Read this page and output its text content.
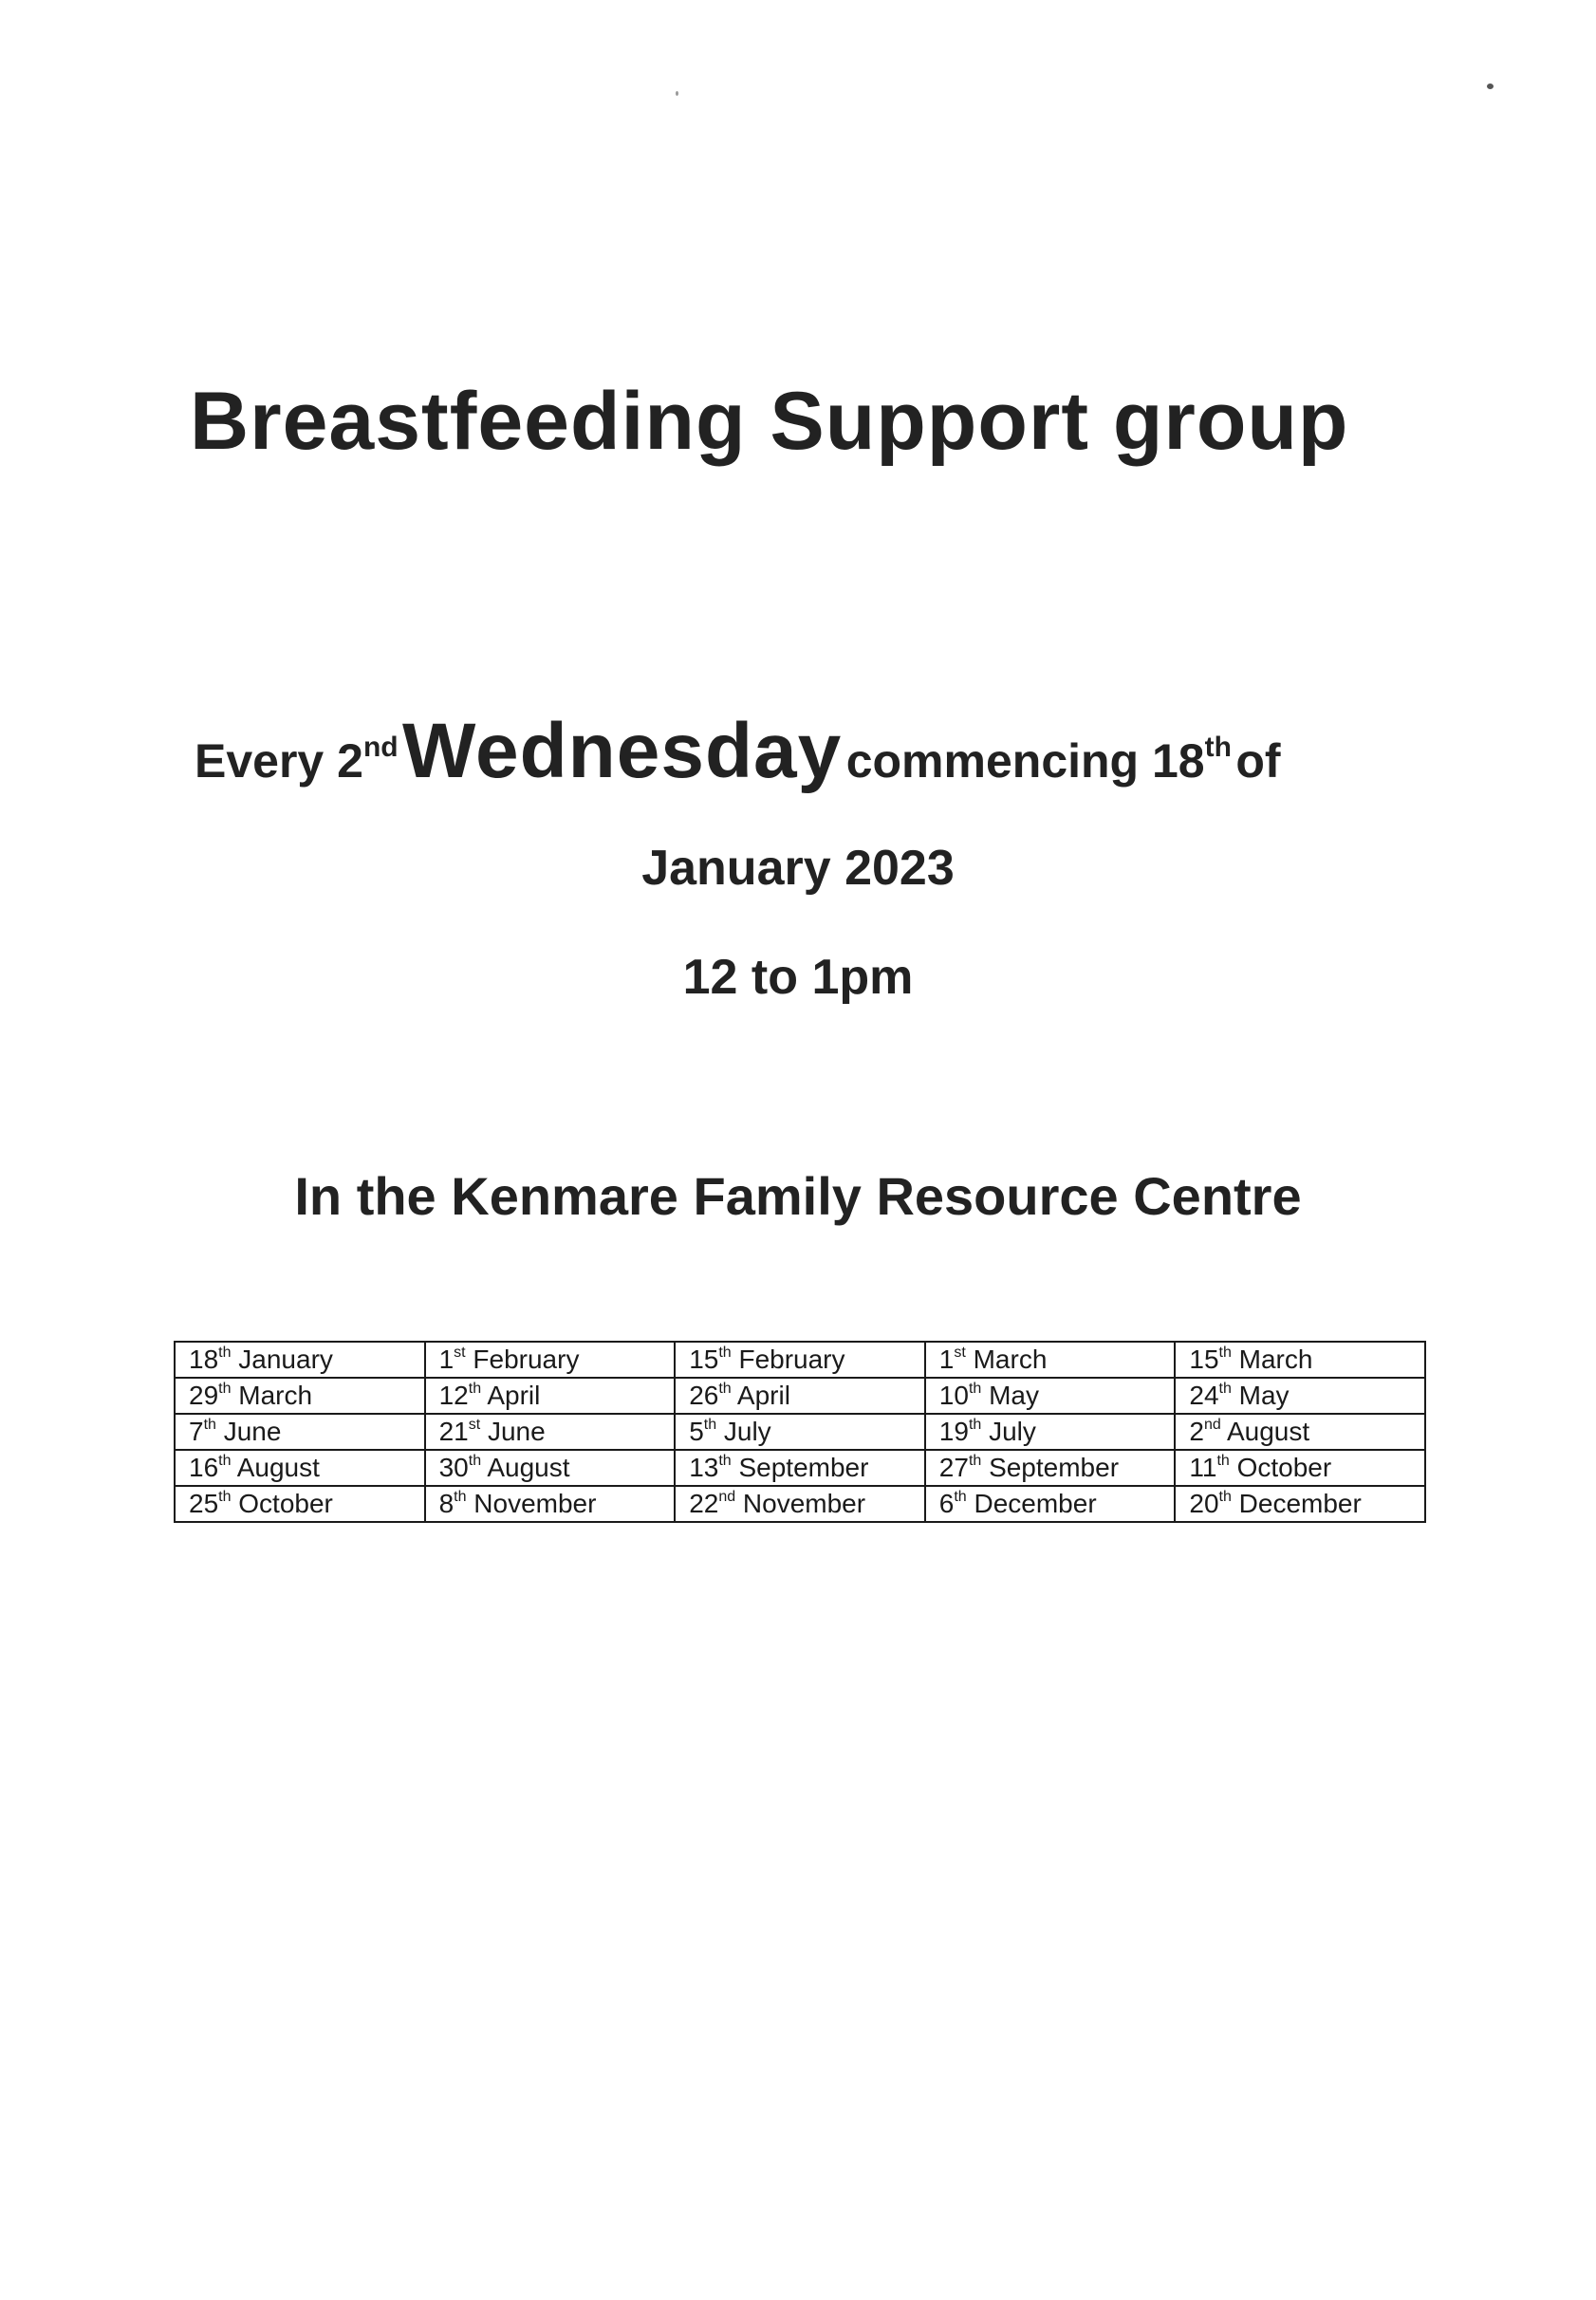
Breastfeeding Support group
Every 2nd Wednesday commencing 18th of
January 2023
12 to 1pm
In the Kenmare Family Resource Centre
18th January	1st February	15th February	1st March	15th March
29th March	12th April	26th April	10th May	24th May
7th June	21st June	5th July	19th July	2nd August
16th August	30th August	13th September	27th September	11th October
25th October	8th November	22nd November	6th December	20th December
